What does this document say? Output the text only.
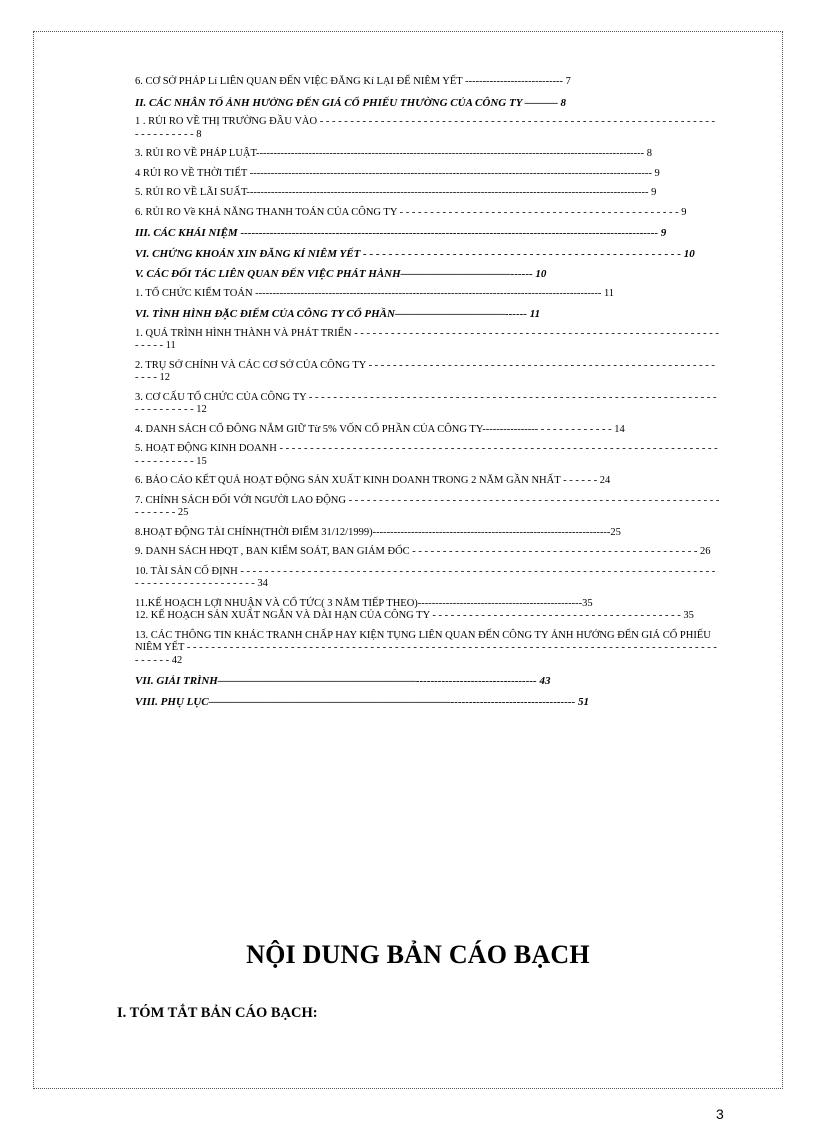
6. CƠ SỞ PHÁP Lí LIÊN QUAN ĐẾN VIỆC ĐĂNG Kí LẠI ĐỂ NIÊM YẾT ---------------------------- 7

II. CÁC NHÂN TỐ ẢNH HƯỞNG ĐẾN GIÁ CỔ PHIẾU THƯỜNG CỦA CÔNG TY ——— 8

1 . RỦI RO VỀ THỊ TRƯỜNG ĐẦU VÀO - - - - - - - - - - - - - - - - - - - - - - - - - - - - - - - - - - - - - - - - - - - - - - - - - - - - - - - - - - - - - - - - - - - - - - - - - - - 8

3. RỦI RO VỀ PHÁP LUẬT--------------------------------------------------------------------------------------------------------------- 8

4 RỦI RO VỀ THỜI TIẾT ------------------------------------------------------------------------------------------------------------------- 9

5. RỦI RO VỀ LÃI SUẤT------------------------------------------------------------------------------------------------------------------- 9

6. RỦI RO Về KHẢ NĂNG THANH TOÁN CỦA CÔNG TY - - - - - - - - - - - - - - - - - - - - - - - - - - - - - - - - - - - - - - - - - - - - - - 9

III. CÁC KHÁI NIỆM ------------------------------------------------------------------------------------------------------------------ 9

VI. CHỨNG KHOÁN XIN ĐĂNG KÍ NIÊM YẾT - - - - - - - - - - - - - - - - - - - - - - - - - - - - - - - - - - - - - - - - - - - - - - - - - - 10

V. CÁC ĐỐI TÁC LIÊN QUAN ĐẾN VIỆC PHÁT HÀNH——————————------ 10

1. TỔ CHỨC KIỂM TOÁN --------------------------------------------------------------------------------------------------- 11

VI. TÌNH HÌNH ĐẶC ĐIỂM CỦA CÔNG TY CỔ PHẦN——————————------ 11

1. QUÁ TRÌNH HÌNH THÀNH VÀ PHÁT TRIỂN - - - - - - - - - - - - - - - - - - - - - - - - - - - - - - - - - - - - - - - - - - - - - - - - - - - - - - - - - - - - - - - - - 11

2. TRỤ SỞ CHÍNH VÀ CÁC CƠ SỞ CỦA CÔNG TY - - - - - - - - - - - - - - - - - - - - - - - - - - - - - - - - - - - - - - - - - - - - - - - - - - - - - - - - - - - - - 12

3. CƠ CẤU TỔ CHỨC CỦA CÔNG TY - - - - - - - - - - - - - - - - - - - - - - - - - - - - - - - - - - - - - - - - - - - - - - - - - - - - - - - - - - - - - - - - - - - - - - - - - - - - - 12

4. DANH SÁCH CỔ ĐÔNG NẮM GIỮ Từ 5% VỐN CỔ PHẦN CỦA CÔNG TY---------------- - - - - - - - - - - - - 14

5. HOẠT ĐỘNG KINH DOANH - - - - - - - - - - - - - - - - - - - - - - - - - - - - - - - - - - - - - - - - - - - - - - - - - - - - - - - - - - - - - - - - - - - - - - - - - - - - - - - - - - 15

6. BÁO CÁO KẾT QUẢ HOẠT ĐỘNG SẢN XUẤT KINH DOANH TRONG 2 NĂM GẦN NHẤT - - - - - - 24

7. CHÍNH SÁCH ĐỐI VỚI NGƯỜI LAO ĐỘNG - - - - - - - - - - - - - - - - - - - - - - - - - - - - - - - - - - - - - - - - - - - - - - - - - - - - - - - - - - - - - - - - - - - - 25

8.HOẠT ĐỘNG TÀI CHÍNH(THỜI ĐIỂM 31/12/1999)--------------------------------------------------------------------25

9. DANH SÁCH HĐQT , BAN KIỂM SOÁT, BAN GIÁM ĐỐC - - - - - - - - - - - - - - - - - - - - - - - - - - - - - - - - - - - - - - - - - - - - - - - 26

10. TÀI SẢN CỐ ĐỊNH - - - - - - - - - - - - - - - - - - - - - - - - - - - - - - - - - - - - - - - - - - - - - - - - - - - - - - - - - - - - - - - - - - - - - - - - - - - - - - - - - - - - - - - - - - - - - - - - - - 34

11.KẾ HOẠCH LỢI NHUẬN VÀ CỔ TỨC( 3 NĂM TIẾP THEO)-----------------------------------------------35

12. KẾ HOẠCH SẢN XUẤT NGẮN VÀ DÀI HẠN CỦA CÔNG TY - - - - - - - - - - - - - - - - - - - - - - - - - - - - - - - - - - - - - - - - - 35

13. CÁC THÔNG TIN KHÁC TRANH CHẤP HAY KIỆN TỤNG LIÊN QUAN ĐẾN CÔNG TY ẢNH HƯỞNG ĐẾN GIÁ CỔ PHIẾU NIÊM YẾT - - - - - - - - - - - - - - - - - - - - - - - - - - - - - - - - - - - - - - - - - - - - - - - - - - - - - - - - - - - - - - - - - - - - - - - - - - - - - - - - - - - - - - - - - - - - - 42

VII. GIẢI TRÌNH——————————————————--------------------------------- 43

VIII. PHỤ LỤC——————————————————————---------------------------------- 51

NỘI DUNG BẢN CÁO BẠCH
I. TÓM TẮT BẢN CÁO BẠCH:

3
